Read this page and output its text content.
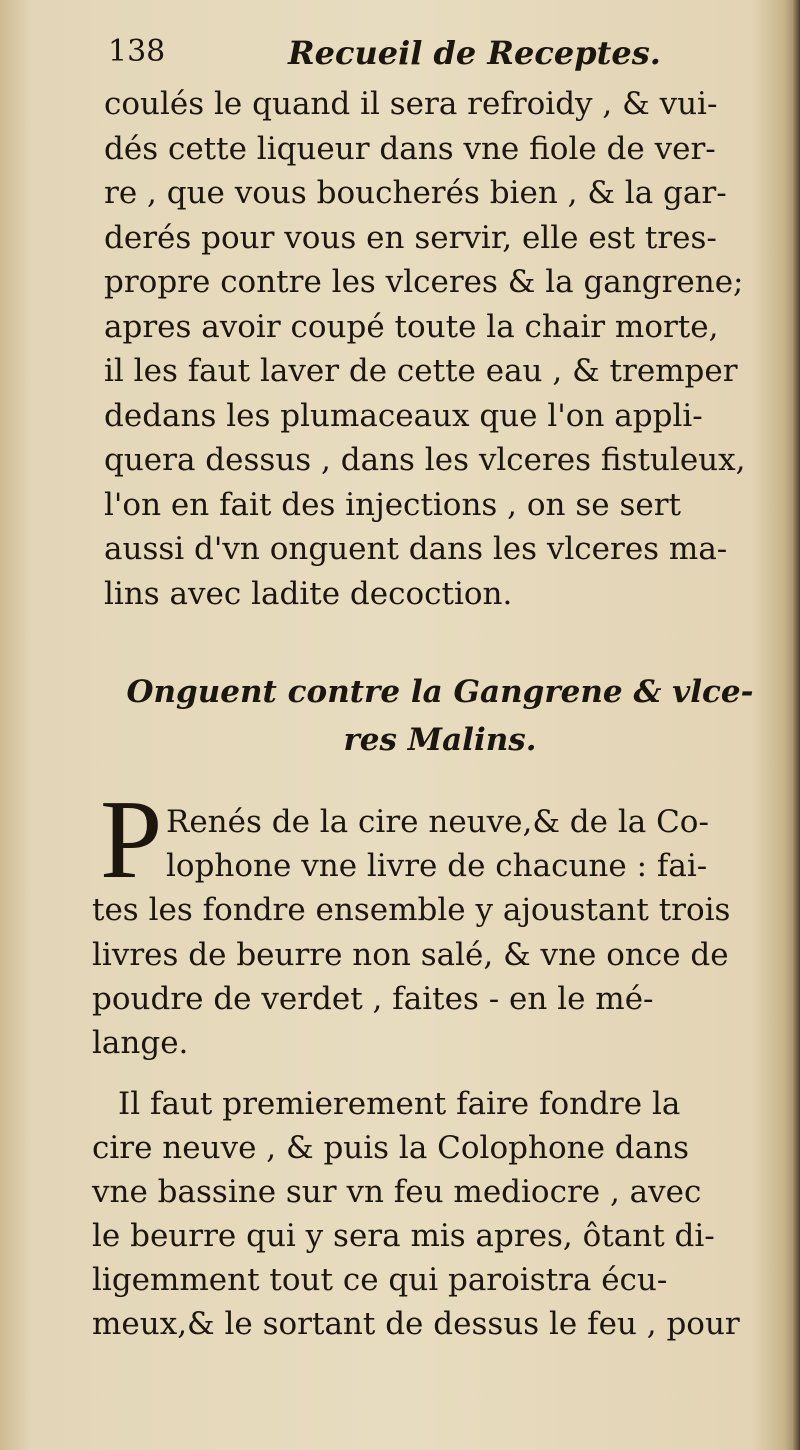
138	Recueil de Receptes.
coulés le quand il sera refroidy , & vui-
dés cette liqueur dans vne fiole de ver-
re , que vous boucherés bien , & la gar-
derés pour vous en servir, elle est tres-
propre contre les vlceres & la gangrene;
apres avoir coupé toute la chair morte,
il les faut laver de cette eau , & tremper
dedans les plumaceaux que l'on appli-
quera dessus , dans les vlceres fistuleux,
l'on en fait des injections , on se sert
aussi d'vn onguent dans les vlceres ma-
lins avec ladite decoction.
Onguent contre la Gangrene & vlce-
res Malins.
P Renés de la cire neuve,& de la Co-
lophone vne livre de chacune : fai-
tes les fondre ensemble y ajoustant trois
livres de beurre non salé, & vne once de
poudre de verdet , faites - en le mé-
lange.
Il faut premierement faire fondre la
cire neuve , & puis la Colophone dans
vne bassine sur vn feu mediocre , avec
le beurre qui y sera mis apres, ôtant di-
ligemment tout ce qui paroistra écu-
meux,& le sortant de dessus le feu , pour
